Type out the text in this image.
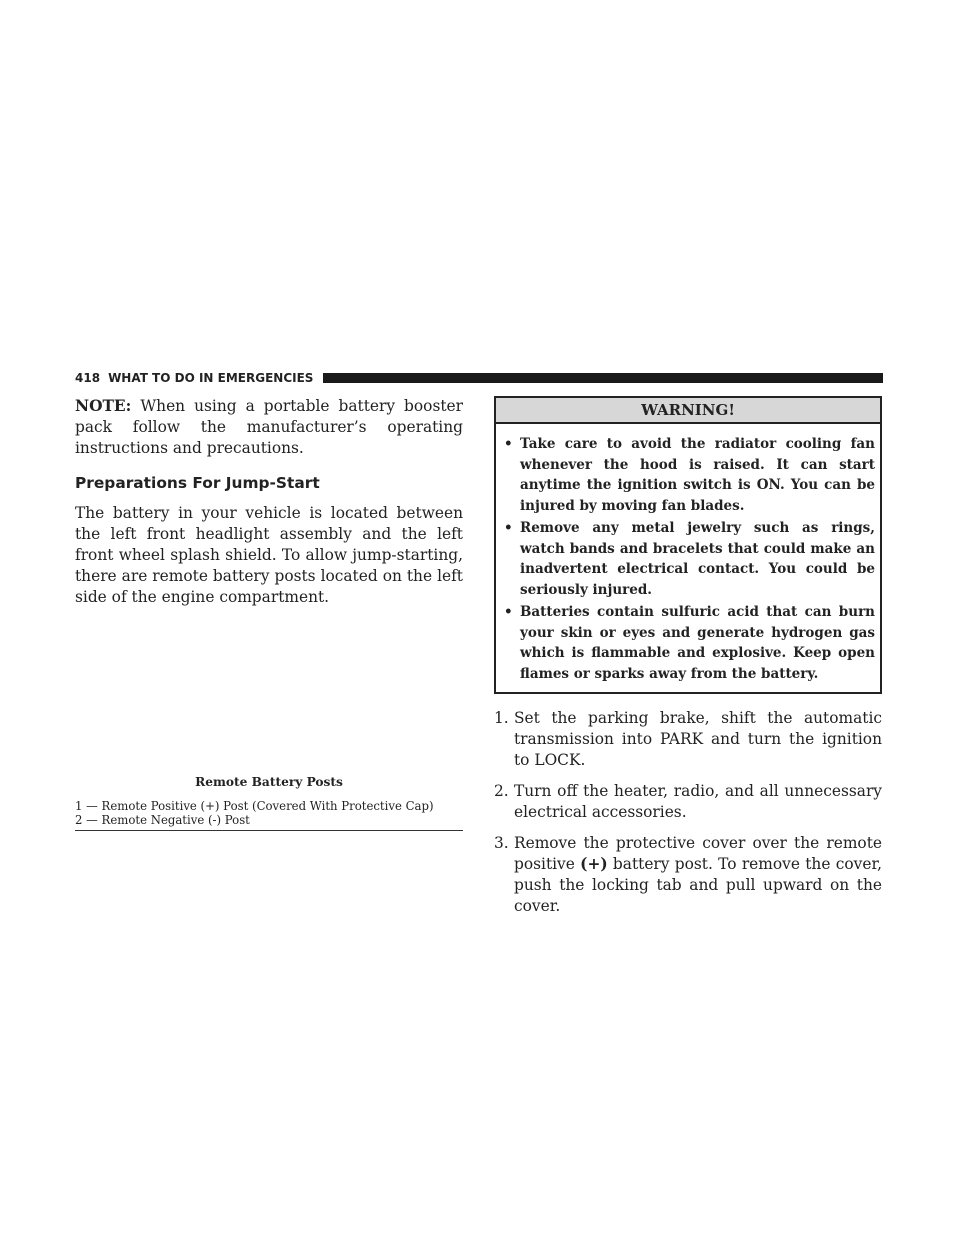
418 WHAT TO DO IN EMERGENCIES

NOTE: When using a portable battery booster pack follow the manufacturer’s operating instructions and precautions.

Preparations For Jump-Start

The battery in your vehicle is located between the left front headlight assembly and the left front wheel splash shield. To allow jump-starting, there are remote battery posts located on the left side of the engine compartment.

Remote Battery Posts
1 — Remote Positive (+) Post (Covered With Protective Cap)
2 — Remote Negative (-) Post
WARNING!
• Take care to avoid the radiator cooling fan whenever the hood is raised. It can start anytime the ignition switch is ON. You can be injured by moving fan blades.
• Remove any metal jewelry such as rings, watch bands and bracelets that could make an inadvertent electrical contact. You could be seriously injured.
• Batteries contain sulfuric acid that can burn your skin or eyes and generate hydrogen gas which is flammable and explosive. Keep open flames or sparks away from the battery.
1. Set the parking brake, shift the automatic transmission into PARK and turn the ignition to LOCK.
2. Turn off the heater, radio, and all unnecessary electrical accessories.
3. Remove the protective cover over the remote positive (+) battery post. To remove the cover, push the locking tab and pull upward on the cover.
